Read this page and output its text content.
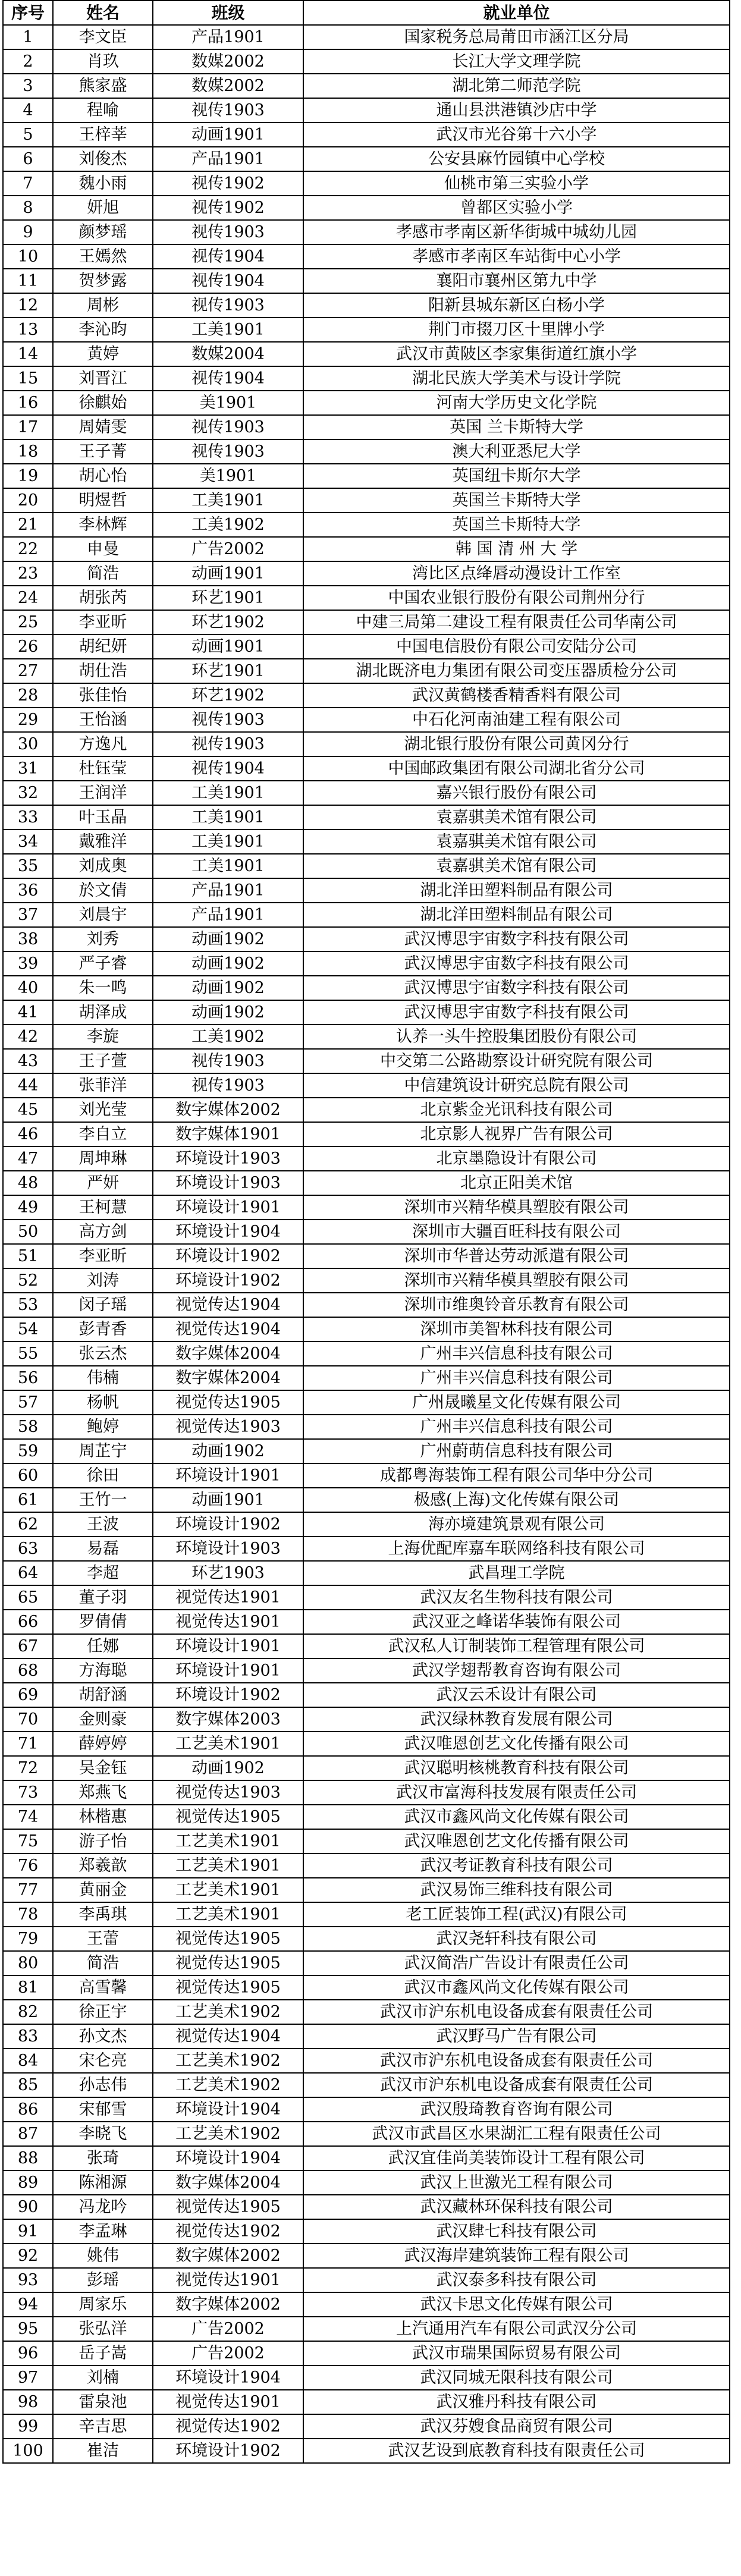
序号	姓名	班级	就业单位
1	李文臣	产品1901	国家税务总局莆田市涵江区分局
2	肖玖	数媒2002	长江大学文理学院
3	熊家盛	数媒2002	湖北第二师范学院
4	程喻	视传1903	通山县洪港镇沙店中学
5	王梓莘	动画1901	武汉市光谷第十六小学
6	刘俊杰	产品1901	公安县麻竹园镇中心学校
7	魏小雨	视传1902	仙桃市第三实验小学
8	妍旭	视传1902	曾都区实验小学
9	颜梦瑶	视传1903	孝感市孝南区新华街城中城幼儿园
10	王嫣然	视传1904	孝感市孝南区车站街中心小学
11	贺梦露	视传1904	襄阳市襄州区第九中学
12	周彬	视传1903	阳新县城东新区白杨小学
13	李沁昀	工美1901	荆门市掇刀区十里牌小学
14	黄婷	数媒2004	武汉市黄陂区李家集街道红旗小学
15	刘晋江	视传1904	湖北民族大学美术与设计学院
16	徐麒始	美1901	河南大学历史文化学院
17	周婧雯	视传1903	英国 兰卡斯特大学
18	王子菁	视传1903	澳大利亚悉尼大学
19	胡心怡	美1901	英国纽卡斯尔大学
20	明煜哲	工美1901	英国兰卡斯特大学
21	李林辉	工美1902	英国兰卡斯特大学
22	申曼	广告2002	韩 国 清 州 大 学
23	简浩	动画1901	湾比区点绛唇动漫设计工作室
24	胡张芮	环艺1901	中国农业银行股份有限公司荆州分行
25	李亚昕	环艺1902	中建三局第二建设工程有限责任公司华南公司
26	胡纪妍	动画1901	中国电信股份有限公司安陆分公司
27	胡仕浩	环艺1901	湖北既济电力集团有限公司变压器质检分公司
28	张佳怡	环艺1902	武汉黄鹤楼香精香料有限公司
29	王怡涵	视传1903	中石化河南油建工程有限公司
30	方逸凡	视传1903	湖北银行股份有限公司黄冈分行
31	杜钰莹	视传1904	中国邮政集团有限公司湖北省分公司
32	王润洋	工美1901	嘉兴银行股份有限公司
33	叶玉晶	工美1901	袁嘉骐美术馆有限公司
34	戴雅洋	工美1901	袁嘉骐美术馆有限公司
35	刘成奥	工美1901	袁嘉骐美术馆有限公司
36	於文倩	产品1901	湖北洋田塑料制品有限公司
37	刘晨宇	产品1901	湖北洋田塑料制品有限公司
38	刘秀	动画1902	武汉博思宇宙数字科技有限公司
39	严子睿	动画1902	武汉博思宇宙数字科技有限公司
40	朱一鸣	动画1902	武汉博思宇宙数字科技有限公司
41	胡泽成	动画1902	武汉博思宇宙数字科技有限公司
42	李旋	工美1902	认养一头牛控股集团股份有限公司
43	王子萱	视传1903	中交第二公路勘察设计研究院有限公司
44	张菲洋	视传1903	中信建筑设计研究总院有限公司
45	刘光莹	数字媒体2002	北京紫金光讯科技有限公司
46	李自立	数字媒体1901	北京影人视界广告有限公司
47	周坤琳	环境设计1903	北京墨隐设计有限公司
48	严妍	环境设计1903	北京正阳美术馆
49	王柯慧	环境设计1901	深圳市兴精华模具塑胶有限公司
50	高方剑	环境设计1904	深圳市大疆百旺科技有限公司
51	李亚昕	环境设计1902	深圳市华普达劳动派遣有限公司
52	刘涛	环境设计1902	深圳市兴精华模具塑胶有限公司
53	闵子瑶	视觉传达1904	深圳市维奥铃音乐教育有限公司
54	彭青香	视觉传达1904	深圳市美智林科技有限公司
55	张云杰	数字媒体2004	广州丰兴信息科技有限公司
56	伟楠	数字媒体2004	广州丰兴信息科技有限公司
57	杨帆	视觉传达1905	广州晟曦星文化传媒有限公司
58	鲍婷	视觉传达1903	广州丰兴信息科技有限公司
59	周芷宁	动画1902	广州蔚萌信息科技有限公司
60	徐田	环境设计1901	成都粤海装饰工程有限公司华中分公司
61	王竹一	动画1901	极感(上海)文化传媒有限公司
62	王波	环境设计1902	海亦境建筑景观有限公司
63	易磊	环境设计1903	上海优配库嘉车联网络科技有限公司
64	李超	环艺1903	武昌理工学院
65	董子羽	视觉传达1901	武汉友名生物科技有限公司
66	罗倩倩	视觉传达1901	武汉亚之峰诺华装饰有限公司
67	任娜	环境设计1901	武汉私人订制装饰工程管理有限公司
68	方海聪	环境设计1901	武汉学翅帮教育咨询有限公司
69	胡舒涵	环境设计1902	武汉云禾设计有限公司
70	金则豪	数字媒体2003	武汉绿林教育发展有限公司
71	薛婷婷	工艺美术1901	武汉唯恩创艺文化传播有限公司
72	吴金钰	动画1902	武汉聪明核桃教育科技有限公司
73	郑燕飞	视觉传达1903	武汉市富海科技发展有限责任公司
74	林楷惠	视觉传达1905	武汉市鑫风尚文化传媒有限公司
75	游子怡	工艺美术1901	武汉唯恩创艺文化传播有限公司
76	郑羲歆	工艺美术1901	武汉考证教育科技有限公司
77	黄丽金	工艺美术1901	武汉易饰三维科技有限公司
78	李禹琪	工艺美术1901	老工匠装饰工程(武汉)有限公司
79	王蕾	视觉传达1905	武汉尧轩科技有限公司
80	简浩	视觉传达1905	武汉简浩广告设计有限责任公司
81	高雪馨	视觉传达1905	武汉市鑫风尚文化传媒有限公司
82	徐正宇	工艺美术1902	武汉市沪东机电设备成套有限责任公司
83	孙文杰	视觉传达1904	武汉野马广告有限公司
84	宋仑亮	工艺美术1902	武汉市沪东机电设备成套有限责任公司
85	孙志伟	工艺美术1902	武汉市沪东机电设备成套有限责任公司
86	宋郁雪	环境设计1904	武汉殷琦教育咨询有限公司
87	李晓飞	工艺美术1902	武汉市武昌区水果湖汇工程有限责任公司
88	张琦	环境设计1904	武汉宜佳尚美装饰设计工程有限公司
89	陈湘源	数字媒体2004	武汉上世激光工程有限公司
90	冯龙吟	视觉传达1905	武汉藏林环保科技有限公司
91	李孟琳	视觉传达1902	武汉肆七科技有限公司
92	姚伟	数字媒体2002	武汉海岸建筑装饰工程有限公司
93	彭瑶	视觉传达1901	武汉泰多科技有限公司
94	周家乐	数字媒体2002	武汉卡思文化传媒有限公司
95	张弘洋	广告2002	上汽通用汽车有限公司武汉分公司
96	岳子嵩	广告2002	武汉市瑞果国际贸易有限公司
97	刘楠	环境设计1904	武汉同城无限科技有限公司
98	雷泉池	视觉传达1901	武汉雅丹科技有限公司
99	辛吉思	视觉传达1902	武汉芬嫂食品商贸有限公司
100	崔洁	环境设计1902	武汉艺设到底教育科技有限责任公司
